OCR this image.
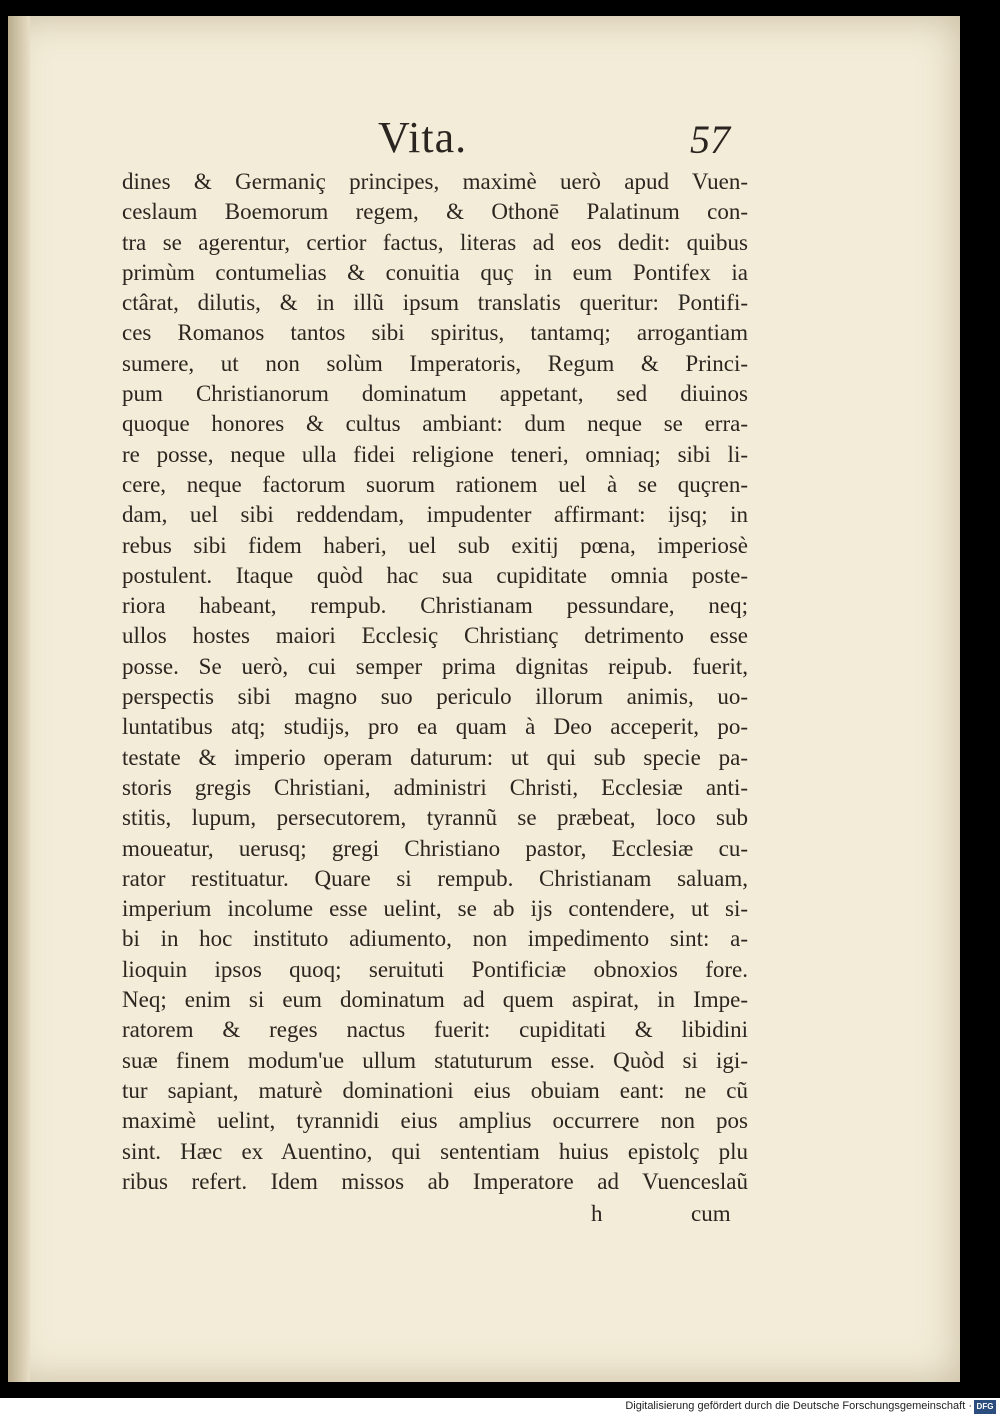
Vita.	57
dines & Germaniç principes, maximè uerò apud Vuen-
ceslaum Boemorum regem, & Othonē Palatinum con-
tra se agerentur, certior factus, literas ad eos dedit: quibus
primùm contumelias & conuitia quç in eum Pontifex ia
ctârat, dilutis, & in illũ ipsum translatis queritur: Pontifi-
ces Romanos tantos sibi spiritus, tantamq; arrogantiam
sumere, ut non solùm Imperatoris, Regum & Princi-
pum Christianorum dominatum appetant, sed diuinos
quoque honores & cultus ambiant: dum neque se erra-
re posse, neque ulla fidei religione teneri, omniaq; sibi li-
cere, neque factorum suorum rationem uel à se quçren-
dam, uel sibi reddendam, impudenter affirmant: ijsq; in
rebus sibi fidem haberi, uel sub exitij pœna, imperiosè
postulent. Itaque quòd hac sua cupiditate omnia poste-
riora habeant, rempub. Christianam pessundare, neq;
ullos hostes maiori Ecclesiç Christianç detrimento esse
posse. Se uerò, cui semper prima dignitas reipub. fuerit,
perspectis sibi magno suo periculo illorum animis, uo-
luntatibus atq; studijs, pro ea quam à Deo acceperit, po-
testate & imperio operam daturum: ut qui sub specie pa-
storis gregis Christiani, administri Christi, Ecclesiæ anti-
stitis, lupum, persecutorem, tyrannũ se præbeat, loco sub
moueatur, uerusq; gregi Christiano pastor, Ecclesiæ cu-
rator restituatur. Quare si rempub. Christianam saluam,
imperium incolume esse uelint, se ab ijs contendere, ut si-
bi in hoc instituto adiumento, non impedimento sint: a-
lioquin ipsos quoq; seruituti Pontificiæ obnoxios fore.
Neq; enim si eum dominatum ad quem aspirat, in Impe-
ratorem & reges nactus fuerit: cupiditati & libidini
suæ finem modum'ue ullum statuturum esse. Quòd si igi-
tur sapiant, maturè dominationi eius obuiam eant: ne cũ
maximè uelint, tyrannidi eius amplius occurrere non pos
sint. Hæc ex Auentino, qui sententiam huius epistolç plu
ribus refert. Idem missos ab Imperatore ad Vuenceslaũ
h	cum
Digitalisierung gefördert durch die Deutsche Forschungsgemeinschaft · DFG
